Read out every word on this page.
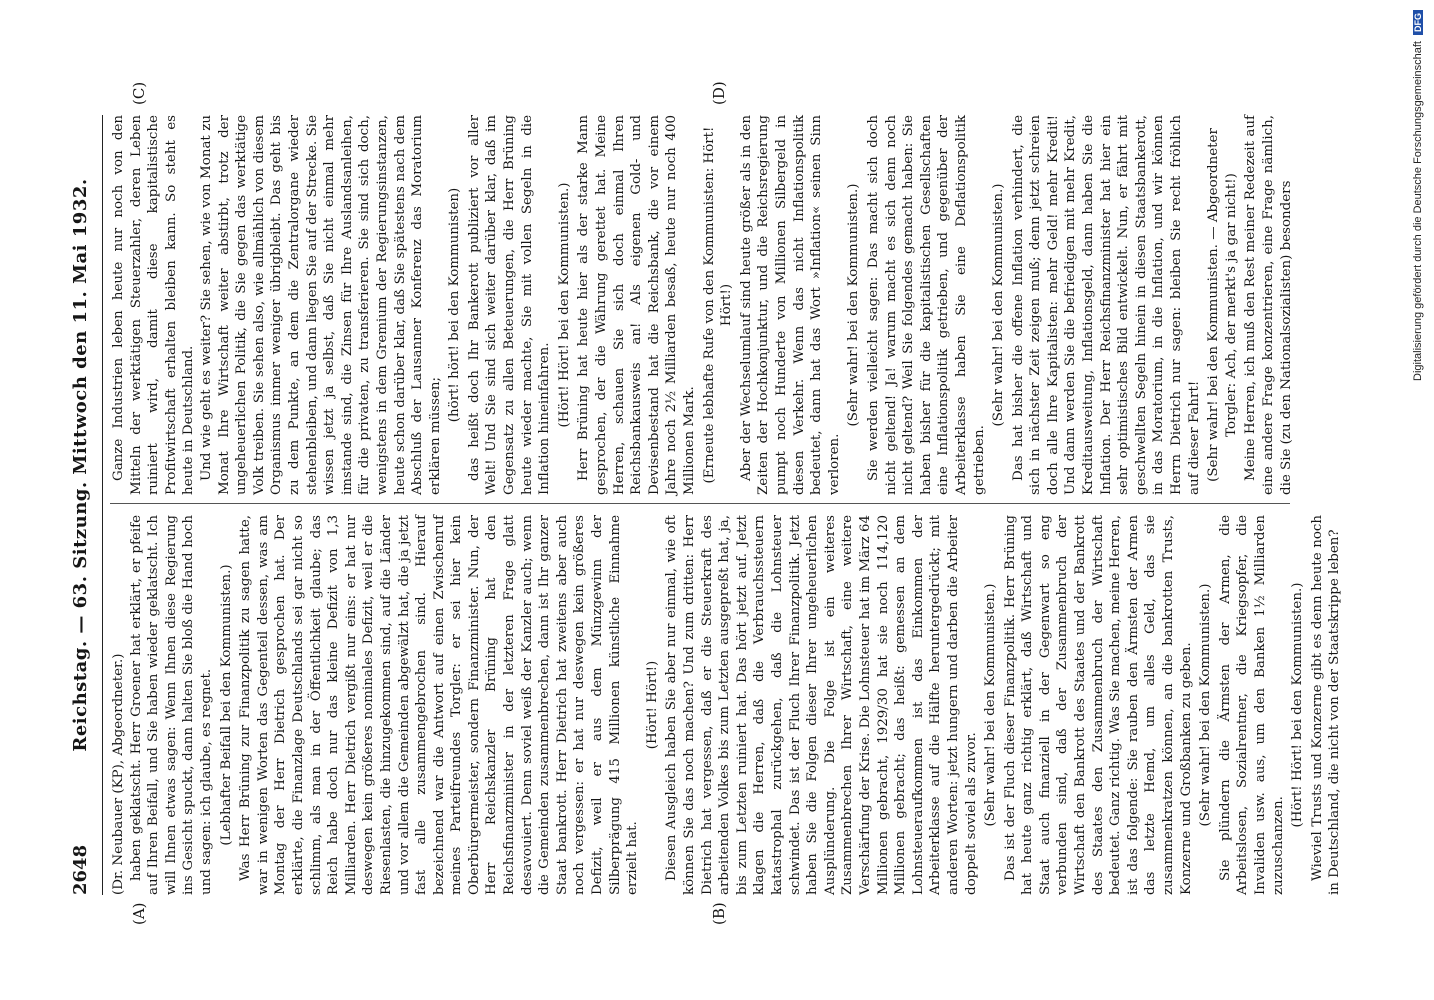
2648
Reichstag. — 63. Sitzung. Mittwoch den 11. Mai 1932.

(Dr. Neubauer (KP), Abgeordneter.) haben geklatscht. Herr Groener hat erklärt, er pfeife auf Ihren Beifall, und Sie haben wieder geklatscht. Ich will Ihnen etwas sagen: Wenn Ihnen diese Regierung ins Gesicht spuckt, dann halten Sie bloß die Hand hoch und sagen: ich glaube, es regnet. (Lebhafter Beifall bei den Kommunisten.) Was Herr Brüning zur Finanzpolitik zu sagen hatte, war in wenigen Worten das Gegenteil dessen, was am Montag der Herr Dietrich gesprochen hat. Der erklärte, die Finanzlage Deutschlands sei gar nicht so schlimm, als man in der Öffentlichkeit glaube; das Reich habe doch nur das kleine Defizit von 1,3 Milliarden. Herr Dietrich vergißt nur eins: er hat nur deswegen kein größeres nominales Defizit, weil er die Riesenlasten, die hinzugekommen sind, auf die Länder und vor allem die Gemeinden abgewälzt hat, die ja jetzt fast alle zusammengebrochen sind. Hierauf bezeichnend war die Antwort auf einen Zwischenruf meines Parteifreundes Torgler: er sei hier kein Oberbürgermeister, sondern Finanzminister. Nun, der Herr Reichskanzler Brüning hat den Reichsfinanzminister in der letzteren Frage glatt desavouiert. Denn soviel weiß der Kanzler auch; wenn die Gemeinden zusammenbrechen, dann ist Ihr ganzer Staat bankrott. Herr Dietrich hat zweitens aber auch noch vergessen: er hat nur deswegen kein größeres Defizit, weil er aus dem Münzgewinn der Silberprägung 415 Millionen künstliche Einnahme erzielt hat.

(Hört! Hört!) Diesen Ausgleich haben Sie aber nur einmal, wie oft können Sie das noch machen? Und zum dritten: Herr Dietrich hat vergessen, daß er die Steuerkraft des arbeitenden Volkes bis zum Letzten ausgepreßt hat, ja, bis zum Letzten ruiniert hat. Das hört jetzt auf. Jetzt klagen die Herren, daß die Verbrauchssteuern katastrophal zurückgehen, daß die Lohnsteuer schwindet. Das ist der Fluch Ihrer Finanzpolitik. Jetzt haben Sie die Folgen dieser Ihrer ungeheuerlichen Ausplünderung. Die Folge ist ein weiteres Zusammenbrechen Ihrer Wirtschaft, eine weitere Verschärfung der Krise. Die Lohnsteuer hat im März 64 Millionen gebracht, 1929/30 hat sie noch 114,120 Millionen gebracht; das heißt: gemessen an dem Lohnsteueraufkommen ist das Einkommen der Arbeiterklasse auf die Hälfte heruntergedrückt; mit anderen Worten: jetzt hungern und darben die Arbeiter doppelt soviel als zuvor. (Sehr wahr! bei den Kommunisten.) Das ist der Fluch dieser Finanzpolitik. Herr Brüning hat heute ganz richtig erklärt, daß Wirtschaft und Staat auch finanziell in der Gegenwart so eng verbunden sind, daß der Zusammenbruch der Wirtschaft den Bankrott des Staates und der Bankrott des Staates den Zusammenbruch der Wirtschaft bedeutet. Ganz richtig. Was Sie machen, meine Herren, ist das folgende: Sie rauben den Ärmsten der Armen das letzte Hemd, um alles Geld, das sie zusammenkratzen können, an die bankrotten Trusts, Konzerne und Großbanken zu geben. (Sehr wahr! bei den Kommunisten.) Sie plündern die Ärmsten der Armen, die Arbeitslosen, Sozialrentner, die Kriegsopfer, die Invaliden usw. aus, um den Banken 1½ Milliarden zuzuschanzen.

(Hört! Hört! bei den Kommunisten.) Wieviel Trusts und Konzerne gibt es denn heute noch in Deutschland, die nicht von der Staatskrippe leben?

Ganze Industrien leben heute nur noch von den Mitteln der werktätigen Steuerzahler, deren Leben ruiniert wird, damit diese kapitalistische Profitwirtschaft erhalten bleiben kann. So steht es heute in Deutschland. Und wie geht es weiter? Sie sehen, wie von Monat zu Monat Ihre Wirtschaft weiter abstirbt, trotz der ungeheuerlichen Politik, die Sie gegen das werktätige Volk treiben. Sie sehen also, wie allmählich von diesem Organismus immer weniger übrigbleibt. Das geht bis zu dem Punkte, an dem die Zentralorgane wieder stehenbleiben, und dann liegen Sie auf der Strecke. Sie wissen jetzt ja selbst, daß Sie nicht einmal mehr imstande sind, die Zinsen für Ihre Auslandsanleihen, für die privaten, zu transferieren. Sie sind sich doch, wenigstens in dem Gremium der Regierungsinstanzen, heute schon darüber klar, daß Sie spätestens nach dem Abschluß der Lausanner Konferenz das Moratorium erklären müssen;

(hört! hört! bei den Kommunisten) das heißt doch Ihr Bankerott publiziert vor aller Welt! Und Sie sind sich weiter darüber klar, daß im Gegensatz zu allen Beteuerungen, die Herr Brüning heute wieder machte, Sie mit vollen Segeln in die Inflation hineinfahren. (Hört! Hört! bei den Kommunisten.) Herr Brüning hat heute hier als der starke Mann gesprochen, der die Währung gerettet hat. Meine Herren, schauen Sie sich doch einmal Ihren Reichsbankausweis an! Als eigenen Gold- und Devisenbestand hat die Reichsbank, die vor einem Jahre noch 2½ Milliarden besaß, heute nur noch 400 Millionen Mark. (Erneute lebhafte Rufe von den Kommunisten: Hört! Hört!) Aber der Wechselumlauf sind heute größer als in den Zeiten der Hochkonjunktur, und die Reichsregierung pumpt noch Hunderte von Millionen Silbergeld in diesen Verkehr. Wenn das nicht Inflationspolitik bedeutet, dann hat das Wort »Inflation« seinen Sinn verloren.

(Sehr wahr! bei den Kommunisten.) Sie werden vielleicht sagen: Das macht sich doch nicht geltend! Ja! warum macht es sich denn noch nicht geltend? Weil Sie folgendes gemacht haben: Sie haben bisher für die kapitalistischen Gesellschaften eine Inflationspolitik getrieben, und gegenüber der Arbeiterklasse haben Sie eine Deflationspolitik getrieben.

(Sehr wahr! bei den Kommunisten.) Das hat bisher die offene Inflation verhindert, die sich in nächster Zeit zeigen muß; denn jetzt schreien doch alle Ihre Kapitalisten: mehr Geld! mehr Kredit! Und dann werden Sie die befriedigen mit mehr Kredit, Kreditausweitung, Inflationsgeld, dann haben Sie die Inflation. Der Herr Reichsfinanzminister hat hier ein sehr optimistisches Bild entwickelt. Nun, er fährt mit geschwellten Segeln hinein in diesen Staatsbankerott, in das Moratorium, in die Inflation, und wir können Herrn Dietrich nur sagen: bleiben Sie recht fröhlich auf dieser Fahrt! (Sehr wahr! bei den Kommunisten. — Abgeordneter Torgler: Ach, der merkt's ja gar nicht!) Meine Herren, ich muß den Rest meiner Redezeit auf eine andere Frage konzentrieren, eine Frage nämlich, die Sie (zu den Nationalsozialisten) besonders

(A)	(B)
(C)	(D)	Digitalisierung gefördert durch die Deutsche ForschungsgemeinschaftDFG
